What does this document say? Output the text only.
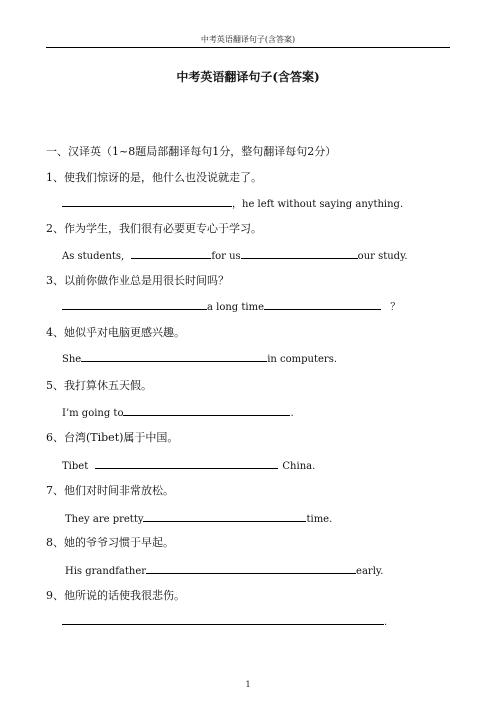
中考英语翻译句子(含答案)
中考英语翻译句子(含答案)
一、汉译英（1~8题局部翻译每句1分，整句翻译每句2分）
1、使我们惊讶的是，他什么也没说就走了。
，he left without saying anything.
2、作为学生，我们很有必要更专心于学习。
As students,	for us	our study.
3、以前你做作业总是用很长时间吗？
a long time	？
4、她似乎对电脑更感兴趣。
She	in computers.
5、我打算休五天假。
I’m going to	.
6、台湾(Tibet)属于中国。
Tibet	China.
7、他们对时间非常放松。
They are pretty	time.
8、她的爷爷习惯于早起。
His grandfather	early.
9、他所说的话使我很悲伤。
.
1
